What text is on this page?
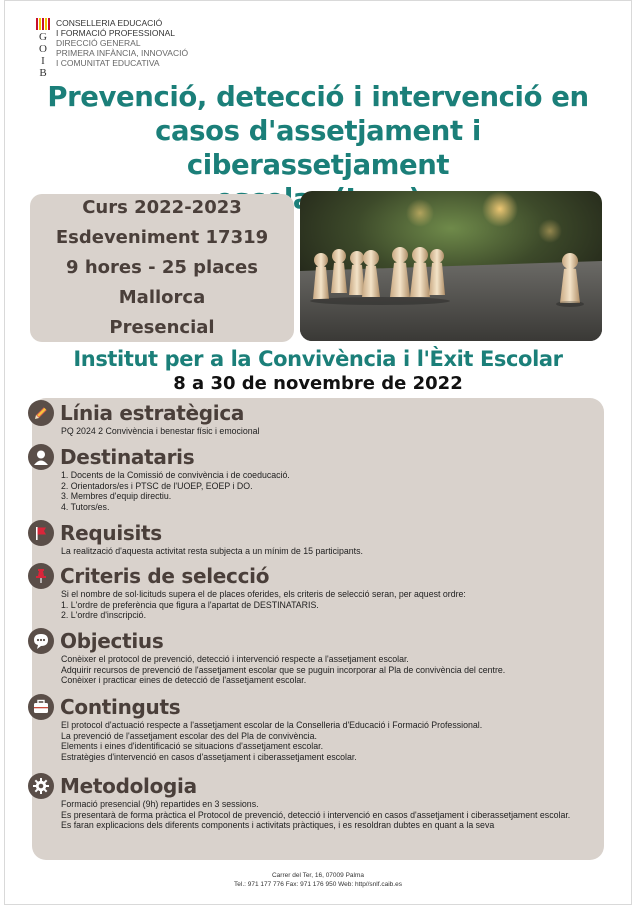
G
O
I
B
CONSELLERIA EDUCACIÓ
I FORMACIÓ PROFESSIONAL
DIRECCIÓ GENERAL
PRIMERA INFÀNCIA, INNOVACIÓ
I COMUNITAT EDUCATIVA
Prevenció, detecció i intervenció en
casos d'assetjament i ciberassetjament
Curs 2022-2023
Esdeveniment 17319
9 hores - 25 places
Mallorca
Presencial
Institut per a la Convivència i l'Èxit Escolar
8 a 30 de novembre de 2022
Línia estratègica
PQ 2024 2 Convivència i benestar físic i emocional
Destinataris
1. Docents de la Comissió de convivència i de coeducació.
2. Orientadors/es i PTSC de l'UOEP, EOEP i DO.
3. Membres d'equip directiu.
4. Tutors/es.
Requisits
La realització d'aquesta activitat resta subjecta a un mínim de 15 participants.
Criteris de selecció
Si el nombre de sol·licituds supera el de places oferides, els criteris de selecció seran, per aquest ordre:
1. L'ordre de preferència que figura a l'apartat de DESTINATARIS.
2. L'ordre d'inscripció.
Objectius
Conèixer el protocol de prevenció, detecció i intervenció respecte a l'assetjament escolar.
Adquirir recursos de prevenció de l'assetjament escolar que se puguin incorporar al Pla de convivència del centre.
Conèixer i practicar eines de detecció de l'assetjament escolar.
Continguts
El protocol d'actuació respecte a l'assetjament escolar de la Conselleria d'Educació i Formació Professional.
La prevenció de l'assetjament escolar des del Pla de convivència.
Elements i eines d'identificació se situacions d'assetjament escolar.
Estratègies d'intervenció en casos d'assetjament i ciberassetjament escolar.
Metodologia
Formació presencial (9h) repartides en 3 sessions.
Es presentarà de forma pràctica el Protocol de prevenció, detecció i intervenció en casos d'assetjament i ciberassetjament escolar.
Es faran explicacions dels diferents components i activitats pràctiques, i es resoldran dubtes en quant a la seva
Carrer del Ter, 16, 07009 Palma
Tel.: 971 177 776 Fax: 971 176 950 Web: http//snlf.caib.es
